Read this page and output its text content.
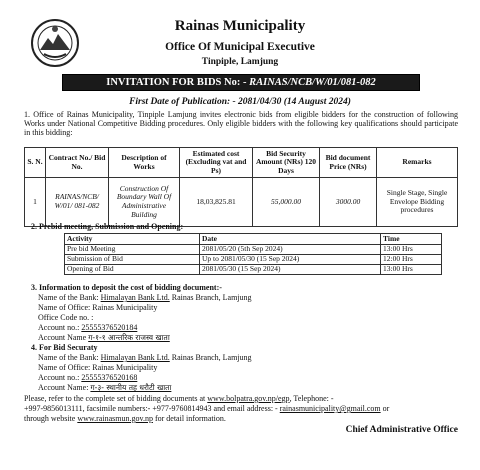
Rainas Municipality
Office Of Municipal Executive
Tinpiple, Lamjung
INVITATION FOR BIDS No: - RAINAS/NCB/W/01/081-082
First Date of Publication: - 2081/04/30 (14 August 2024)
1. Office of Rainas Municipality, Tinpiple Lamjung invites electronic bids from eligible bidders for the construction of following Works under National Competitive Bidding procedures. Only eligible bidders with the following key qualifications should participate in this bidding:
S. N.	Contract No./ Bid No.	Description of Works	Estimated cost (Excluding vat and Ps)	Bid Security Amount (NRs) 120 Days	Bid document Price (NRs)	Remarks
1	RAINAS/NCB/ W/01/ 081-082	Construction Of Boundary Wall Of Administrative Building	18,03,825.81	55,000.00	3000.00	Single Stage, Single Envelope Bidding procedures
2. Prebid meeting, Submission and Opening:
Activity	Date	Time
Pre bid Meeting	2081/05/20 (5th Sep 2024)	13:00 Hrs
Submission of Bid	Up to 2081/05/30 (15 Sep 2024)	12:00 Hrs
Opening of Bid	2081/05/30 (15 Sep 2024)	13:00 Hrs
3. Information to deposit the cost of bidding document:-
Name of the Bank: Himalayan Bank Ltd. Rainas Branch, Lamjung
Name of Office: Rainas Municipality
Office Code no. :
Account no.: 25555376520184
Account Name ग-१-१ आन्तरिक राजस्व खाता
4. For Bid Securaty
Name of the Bank: Himalayan Bank Ltd. Rainas Branch, Lamjung
Name of Office: Rainas Municipality
Account no.: 25555376520168
Account Name: ग-३- स्थानीय तह धरौटी खाता
Please, refer to the complete set of bidding documents at www.bolpatra.gov.np/egp, Telephone: -
+997-9856013111, facsimile numbers:- +977-9760814943 and email address: - rainasmunicipality@gmail.com or
through website www.rainasmun.gov.np for detail information.
Chief Administrative Office
